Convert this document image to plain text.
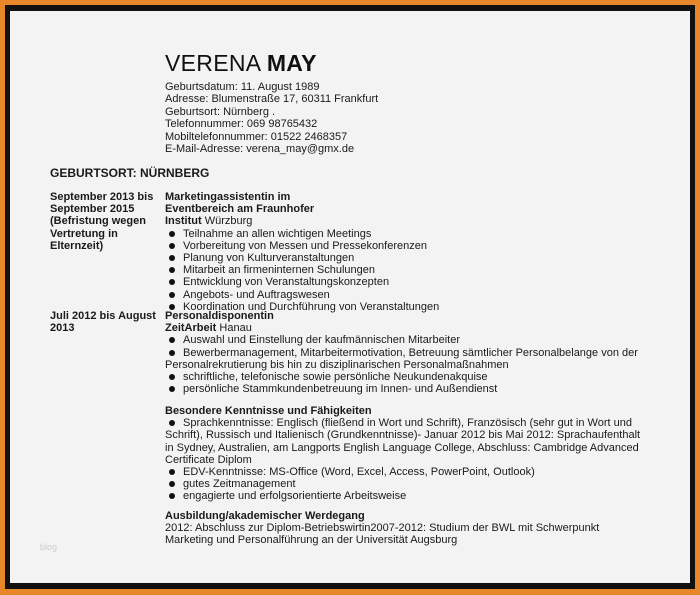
VERENA MAY
Geburtsdatum: 11. August 1989
Adresse: Blumenstraße 17, 60311 Frankfurt
Geburtsort: Nürnberg .
Telefonnummer: 069 98765432
Mobiltelefonnummer: 01522 2468357
E-Mail-Adresse: verena_may@gmx.de
GEBURTSORT: NÜRNBERG
September 2013 bis September 2015 (Befristung wegen Vertretung in Elternzeit)
Marketingassistentin im Eventbereich am Fraunhofer Institut Würzburg
Teilnahme an allen wichtigen Meetings
Vorbereitung von Messen und Pressekonferenzen
Planung von Kulturveranstaltungen
Mitarbeit an firmeninternen Schulungen
Entwicklung von Veranstaltungskonzepten
Angebots- und Auftragswesen
Koordination und Durchführung von Veranstaltungen
Juli 2012 bis August 2013
Personaldisponentin
ZeitArbeit Hanau
Auswahl und Einstellung der kaufmännischen Mitarbeiter
Bewerbermanagement, Mitarbeitermotivation, Betreuung sämtlicher Personalbelange von der Personalrekrutierung bis hin zu disziplinarischen Personalmaßnahmen
schriftliche, telefonische sowie persönliche Neukundenakquise
persönliche Stammkundenbetreuung im Innen- und Außendienst
Besondere Kenntnisse und Fähigkeiten
Sprachkenntnisse: Englisch (fließend in Wort und Schrift), Französisch (sehr gut in Wort und Schrift), Russisch und Italienisch (Grundkenntnisse)- Januar 2012 bis Mai 2012: Sprachaufenthalt in Sydney, Australien, am Langports English Language College, Abschluss: Cambridge Advanced Certificate Diplom
EDV-Kenntnisse: MS-Office (Word, Excel, Access, PowerPoint, Outlook)
gutes Zeitmanagement
engagierte und erfolgsorientierte Arbeitsweise
Ausbildung/akademischer Werdegang
2012: Abschluss zur Diplom-Betriebswirtin2007-2012: Studium der BWL mit Schwerpunkt Marketing und Personalführung an der Universität Augsburg
blog
